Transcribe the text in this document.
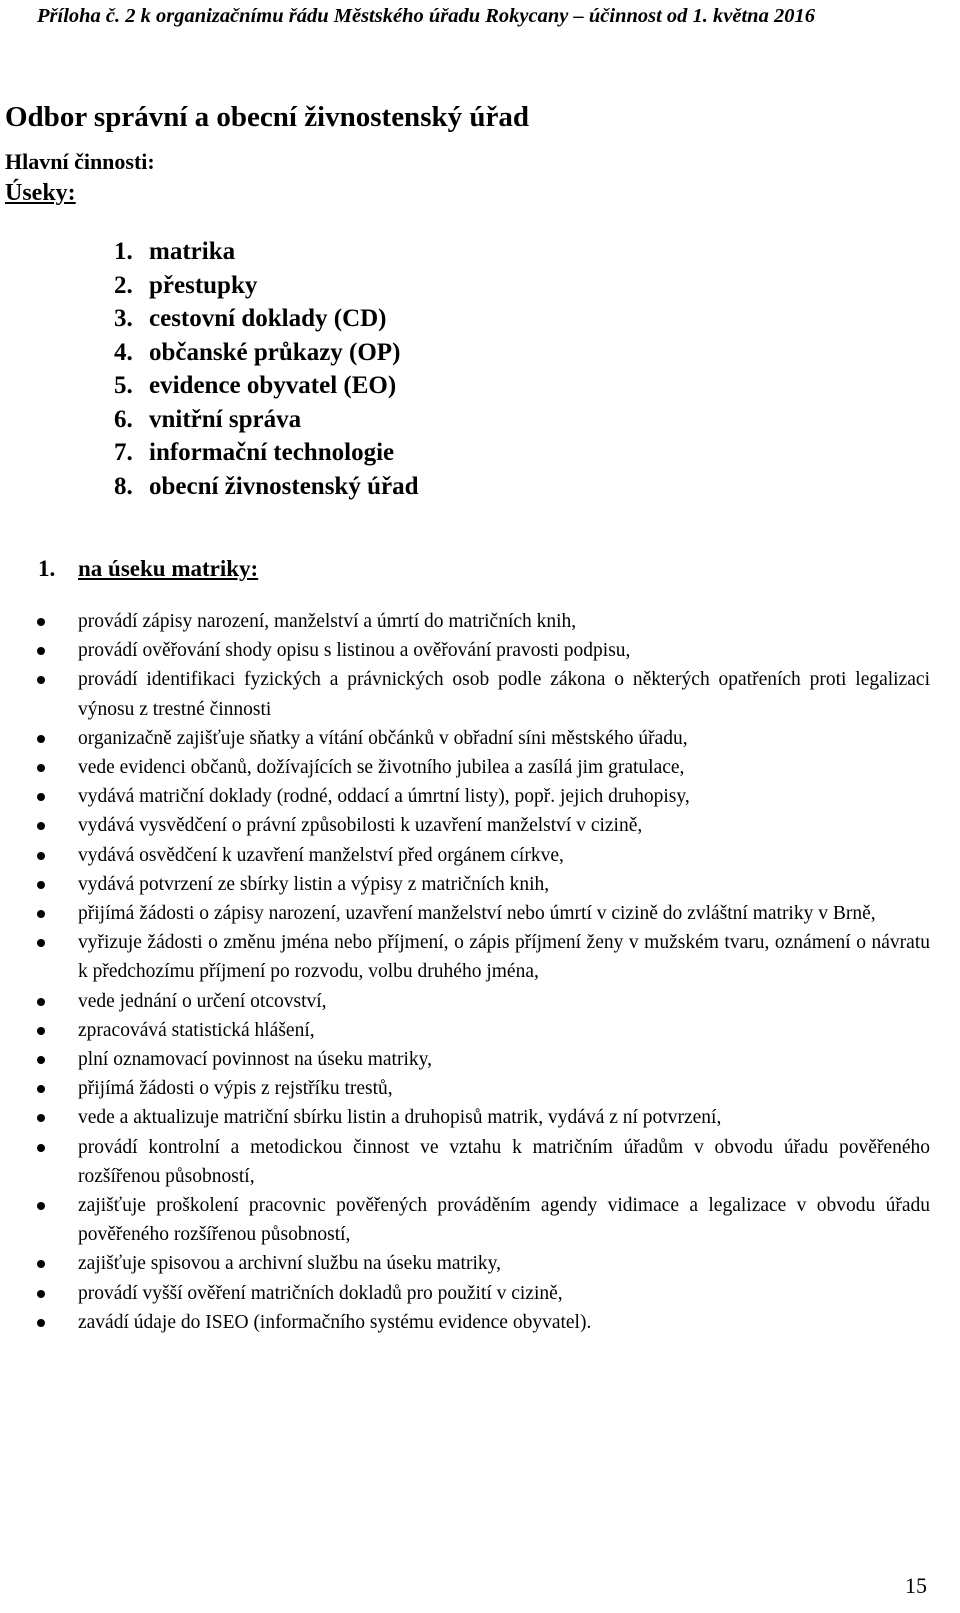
Příloha č. 2 k organizačnímu řádu Městského úřadu Rokycany – účinnost od 1. května 2016
Odbor správní a obecní živnostenský úřad
Hlavní činnosti:
Úseky:
1. matrika
2. přestupky
3. cestovní doklady (CD)
4. občanské průkazy (OP)
5. evidence obyvatel (EO)
6. vnitřní správa
7. informační technologie
8. obecní živnostenský úřad
1. na úseku matriky:
provádí zápisy narození, manželství a úmrtí do matričních knih,
provádí ověřování shody opisu s listinou a ověřování pravosti podpisu,
provádí identifikaci fyzických a právnických osob podle zákona o některých opatřeních proti legalizaci výnosu z trestné činnosti
organizačně zajišťuje sňatky a vítání občánků v obřadní síni městského úřadu,
vede evidenci občanů, dožívajících se životního jubilea a zasílá jim gratulace,
vydává matriční doklady (rodné, oddací a úmrtní listy), popř. jejich druhopisy,
vydává vysvědčení o právní způsobilosti k uzavření manželství v cizině,
vydává osvědčení k uzavření manželství před orgánem církve,
vydává potvrzení ze sbírky listin a výpisy z matričních knih,
přijímá žádosti o zápisy narození, uzavření manželství nebo úmrtí v cizině do zvláštní matriky v Brně,
vyřizuje žádosti o změnu jména nebo příjmení, o zápis příjmení ženy v mužském tvaru, oznámení o návratu k předchozímu příjmení po rozvodu, volbu druhého jména,
vede jednání o určení otcovství,
zpracovává statistická hlášení,
plní oznamovací povinnost na úseku matriky,
přijímá žádosti o výpis z rejstříku trestů,
vede a aktualizuje matriční sbírku listin a druhopisů matrik, vydává z ní potvrzení,
provádí kontrolní a metodickou činnost ve vztahu k matričním úřadům v obvodu úřadu pověřeného rozšířenou působností,
zajišťuje proškolení pracovnic pověřených prováděním agendy vidimace a legalizace v obvodu úřadu pověřeného rozšířenou působností,
zajišťuje spisovou a archivní službu na úseku matriky,
provádí vyšší ověření matričních dokladů pro použití v cizině,
zavádí údaje do ISEO (informačního systému evidence obyvatel).
15
